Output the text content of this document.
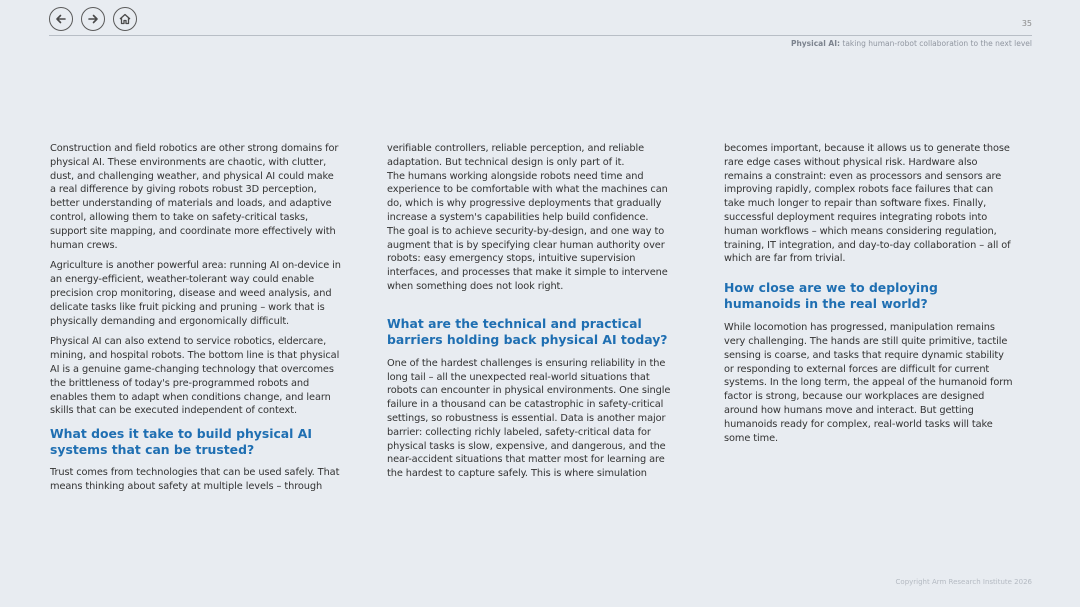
35
Physical AI: taking human-robot collaboration to the next level

Construction and field robotics are other strong domains for physical AI. These environments are chaotic, with clutter, dust, and challenging weather, and physical AI could make a real difference by giving robots robust 3D perception, better understanding of materials and loads, and adaptive control, allowing them to take on safety-critical tasks, support site mapping, and coordinate more effectively with human crews.

Agriculture is another powerful area: running AI on-device in an energy-efficient, weather-tolerant way could enable precision crop monitoring, disease and weed analysis, and delicate tasks like fruit picking and pruning – work that is physically demanding and ergonomically difficult.

Physical AI can also extend to service robotics, eldercare, mining, and hospital robots. The bottom line is that physical AI is a genuine game-changing technology that overcomes the brittleness of today's pre-programmed robots and enables them to adapt when conditions change, and learn skills that can be executed independent of context.

What does it take to build physical AI systems that can be trusted?

Trust comes from technologies that can be used safely. That means thinking about safety at multiple levels – through

verifiable controllers, reliable perception, and reliable adaptation. But technical design is only part of it.

The humans working alongside robots need time and experience to be comfortable with what the machines can do, which is why progressive deployments that gradually increase a system's capabilities help build confidence.

The goal is to achieve security-by-design, and one way to augment that is by specifying clear human authority over robots: easy emergency stops, intuitive supervision interfaces, and processes that make it simple to intervene when something does not look right.

What are the technical and practical barriers holding back physical AI today?

One of the hardest challenges is ensuring reliability in the long tail – all the unexpected real-world situations that robots can encounter in physical environments. One single failure in a thousand can be catastrophic in safety-critical settings, so robustness is essential. Data is another major barrier: collecting richly labeled, safety-critical data for physical tasks is slow, expensive, and dangerous, and the near-accident situations that matter most for learning are the hardest to capture safely. This is where simulation

becomes important, because it allows us to generate those rare edge cases without physical risk. Hardware also remains a constraint: even as processors and sensors are improving rapidly, complex robots face failures that can take much longer to repair than software fixes. Finally, successful deployment requires integrating robots into human workflows – which means considering regulation, training, IT integration, and day-to-day collaboration – all of which are far from trivial.

How close are we to deploying humanoids in the real world?

While locomotion has progressed, manipulation remains very challenging. The hands are still quite primitive, tactile sensing is coarse, and tasks that require dynamic stability or responding to external forces are difficult for current systems. In the long term, the appeal of the humanoid form factor is strong, because our workplaces are designed around how humans move and interact. But getting humanoids ready for complex, real-world tasks will take some time.

Copyright Arm Research Institute 2026
